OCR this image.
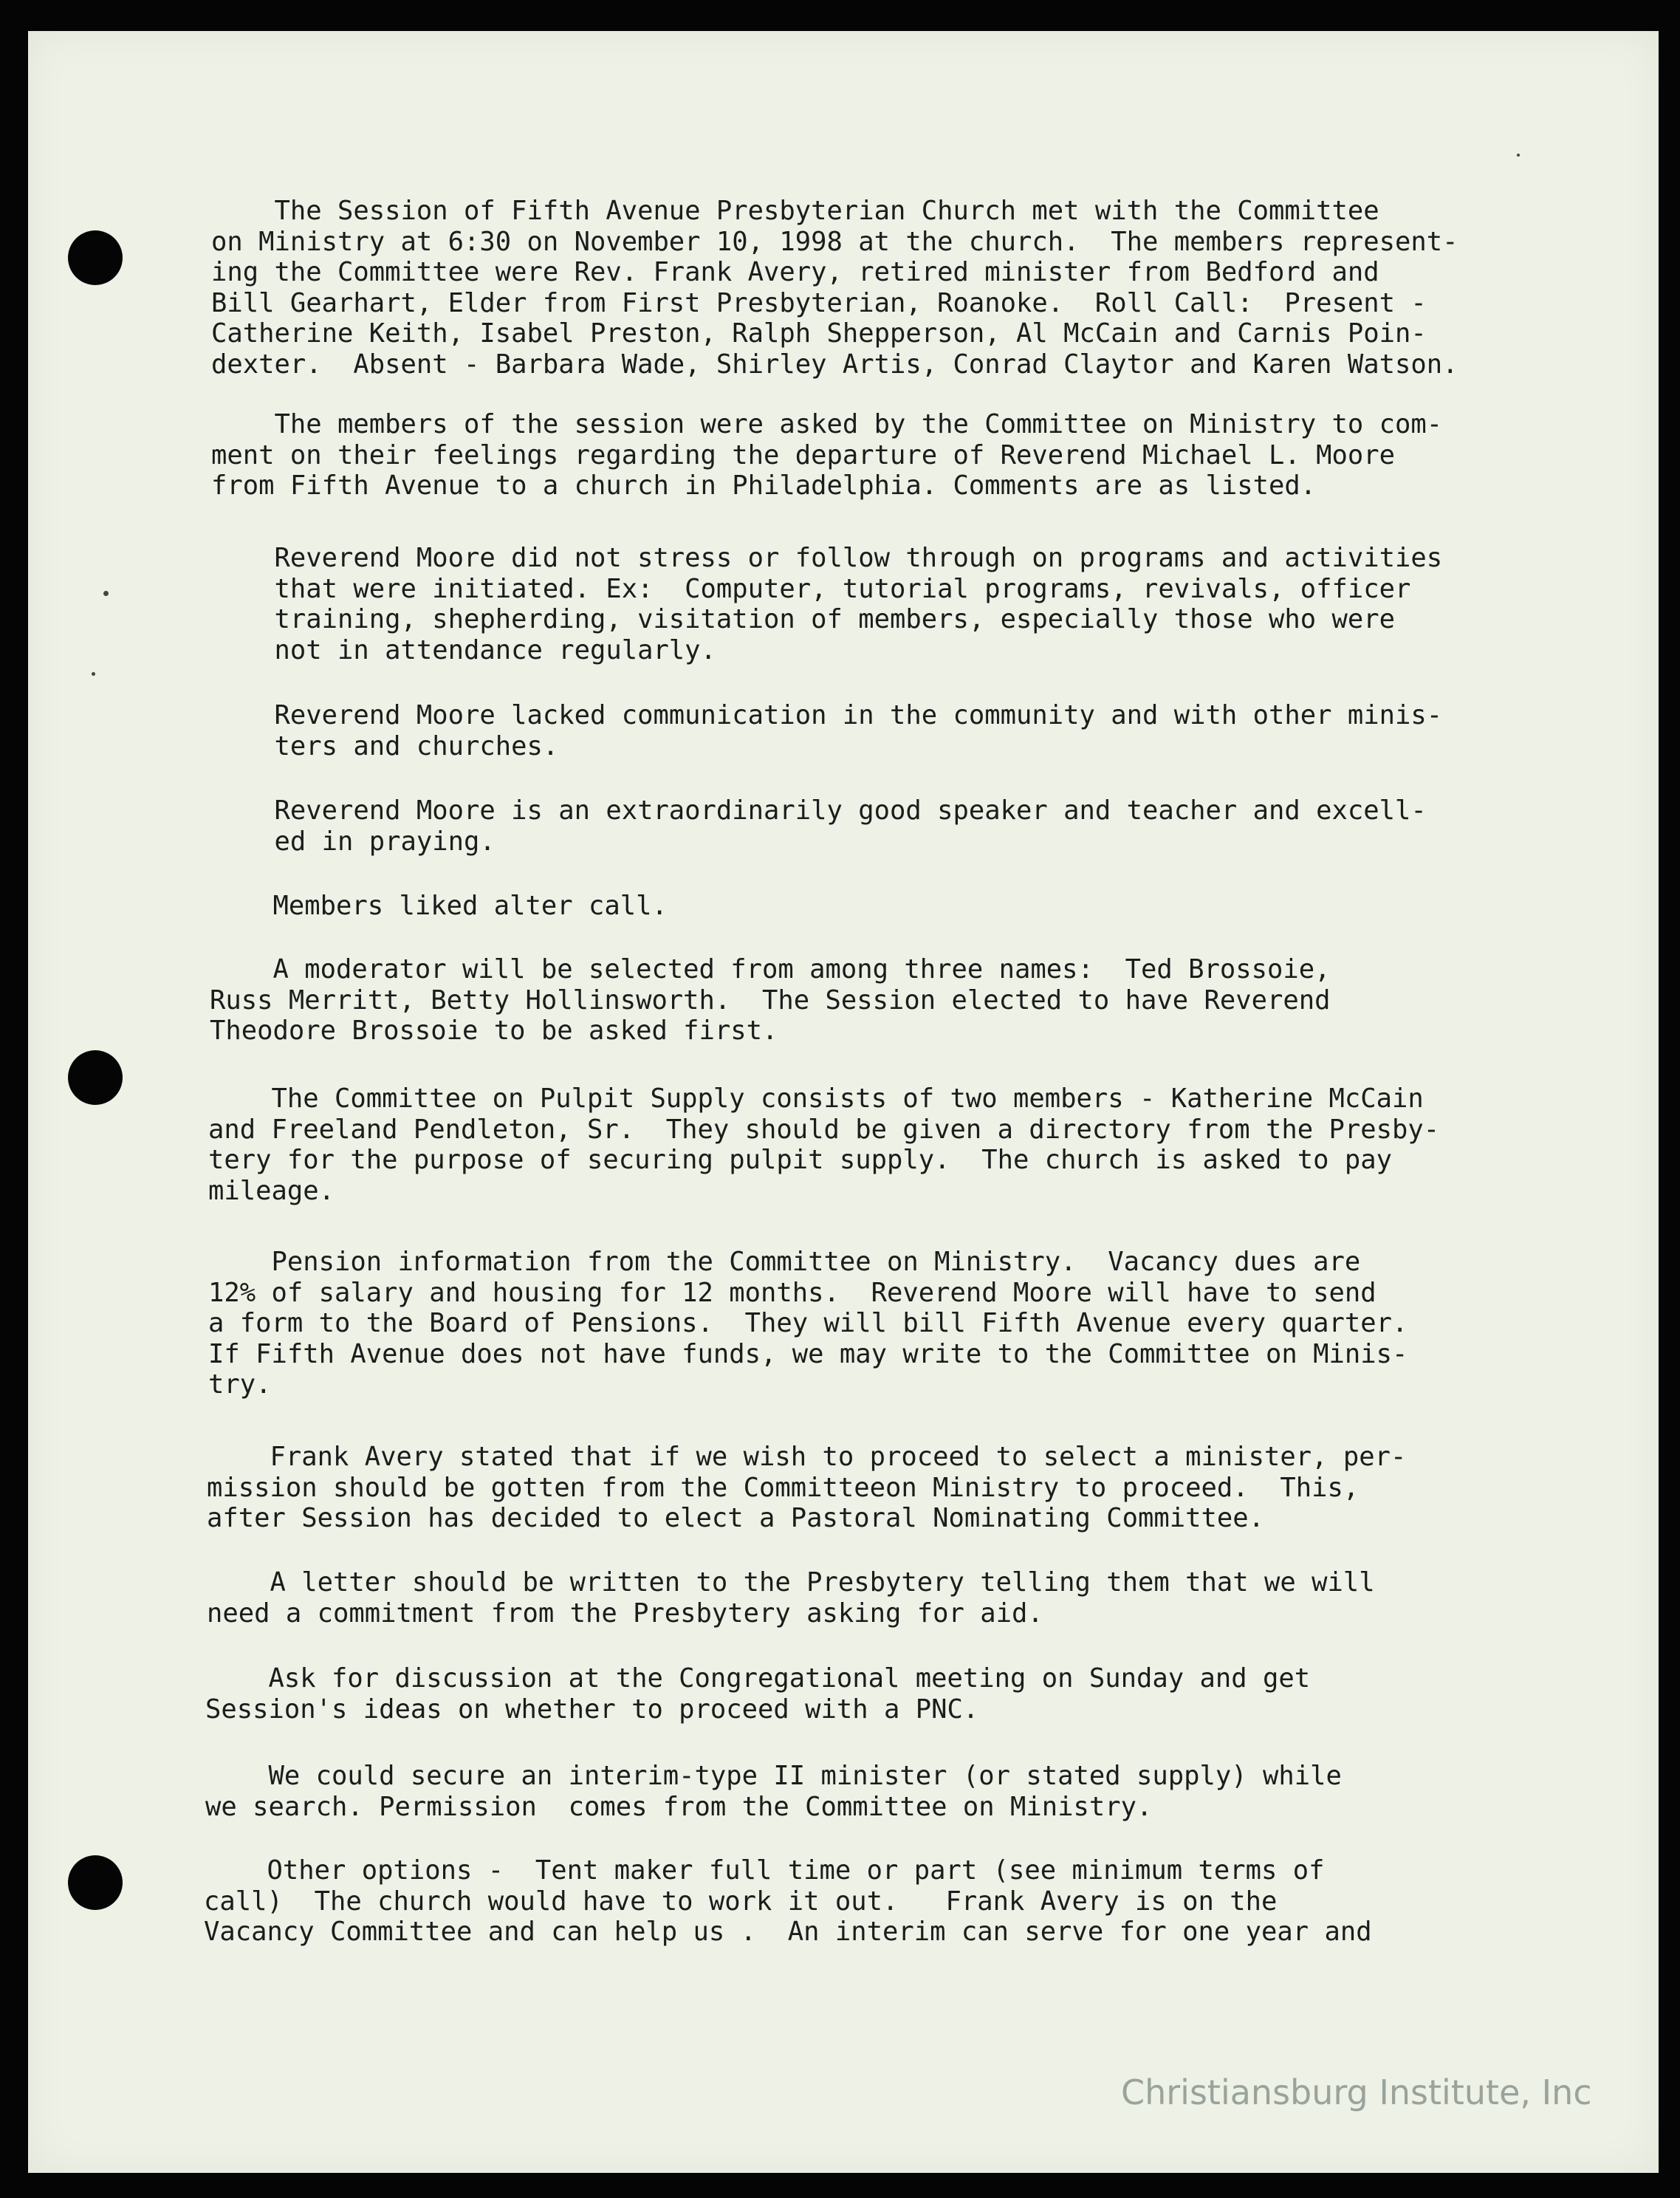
The Session of Fifth Avenue Presbyterian Church met with the Committee
on Ministry at 6:30 on November 10, 1998 at the church.  The members represent-
ing the Committee were Rev. Frank Avery, retired minister from Bedford and
Bill Gearhart, Elder from First Presbyterian, Roanoke.  Roll Call:  Present -
Catherine Keith, Isabel Preston, Ralph Shepperson, Al McCain and Carnis Poin-
dexter.  Absent - Barbara Wade, Shirley Artis, Conrad Claytor and Karen Watson.
The members of the session were asked by the Committee on Ministry to com-
ment on their feelings regarding the departure of Reverend Michael L. Moore
from Fifth Avenue to a church in Philadelphia. Comments are as listed.
Reverend Moore did not stress or follow through on programs and activities
that were initiated. Ex:  Computer, tutorial programs, revivals, officer
training, shepherding, visitation of members, especially those who were
not in attendance regularly.
Reverend Moore lacked communication in the community and with other minis-
ters and churches.
Reverend Moore is an extraordinarily good speaker and teacher and excell-
ed in praying.
Members liked alter call.
A moderator will be selected from among three names:  Ted Brossoie,
Russ Merritt, Betty Hollinsworth.  The Session elected to have Reverend
Theodore Brossoie to be asked first.
The Committee on Pulpit Supply consists of two members - Katherine McCain
and Freeland Pendleton, Sr.  They should be given a directory from the Presby-
tery for the purpose of securing pulpit supply.  The church is asked to pay
mileage.
Pension information from the Committee on Ministry.  Vacancy dues are
12% of salary and housing for 12 months.  Reverend Moore will have to send
a form to the Board of Pensions.  They will bill Fifth Avenue every quarter.
If Fifth Avenue does not have funds, we may write to the Committee on Minis-
try.
Frank Avery stated that if we wish to proceed to select a minister, per-
mission should be gotten from the Committeeon Ministry to proceed.  This,
after Session has decided to elect a Pastoral Nominating Committee.
A letter should be written to the Presbytery telling them that we will
need a commitment from the Presbytery asking for aid.
Ask for discussion at the Congregational meeting on Sunday and get
Session's ideas on whether to proceed with a PNC.
We could secure an interim-type II minister (or stated supply) while
we search. Permission  comes from the Committee on Ministry.
Other options -  Tent maker full time or part (see minimum terms of
call)  The church would have to work it out.   Frank Avery is on the
Vacancy Committee and can help us .  An interim can serve for one year and
Christiansburg Institute, Inc
